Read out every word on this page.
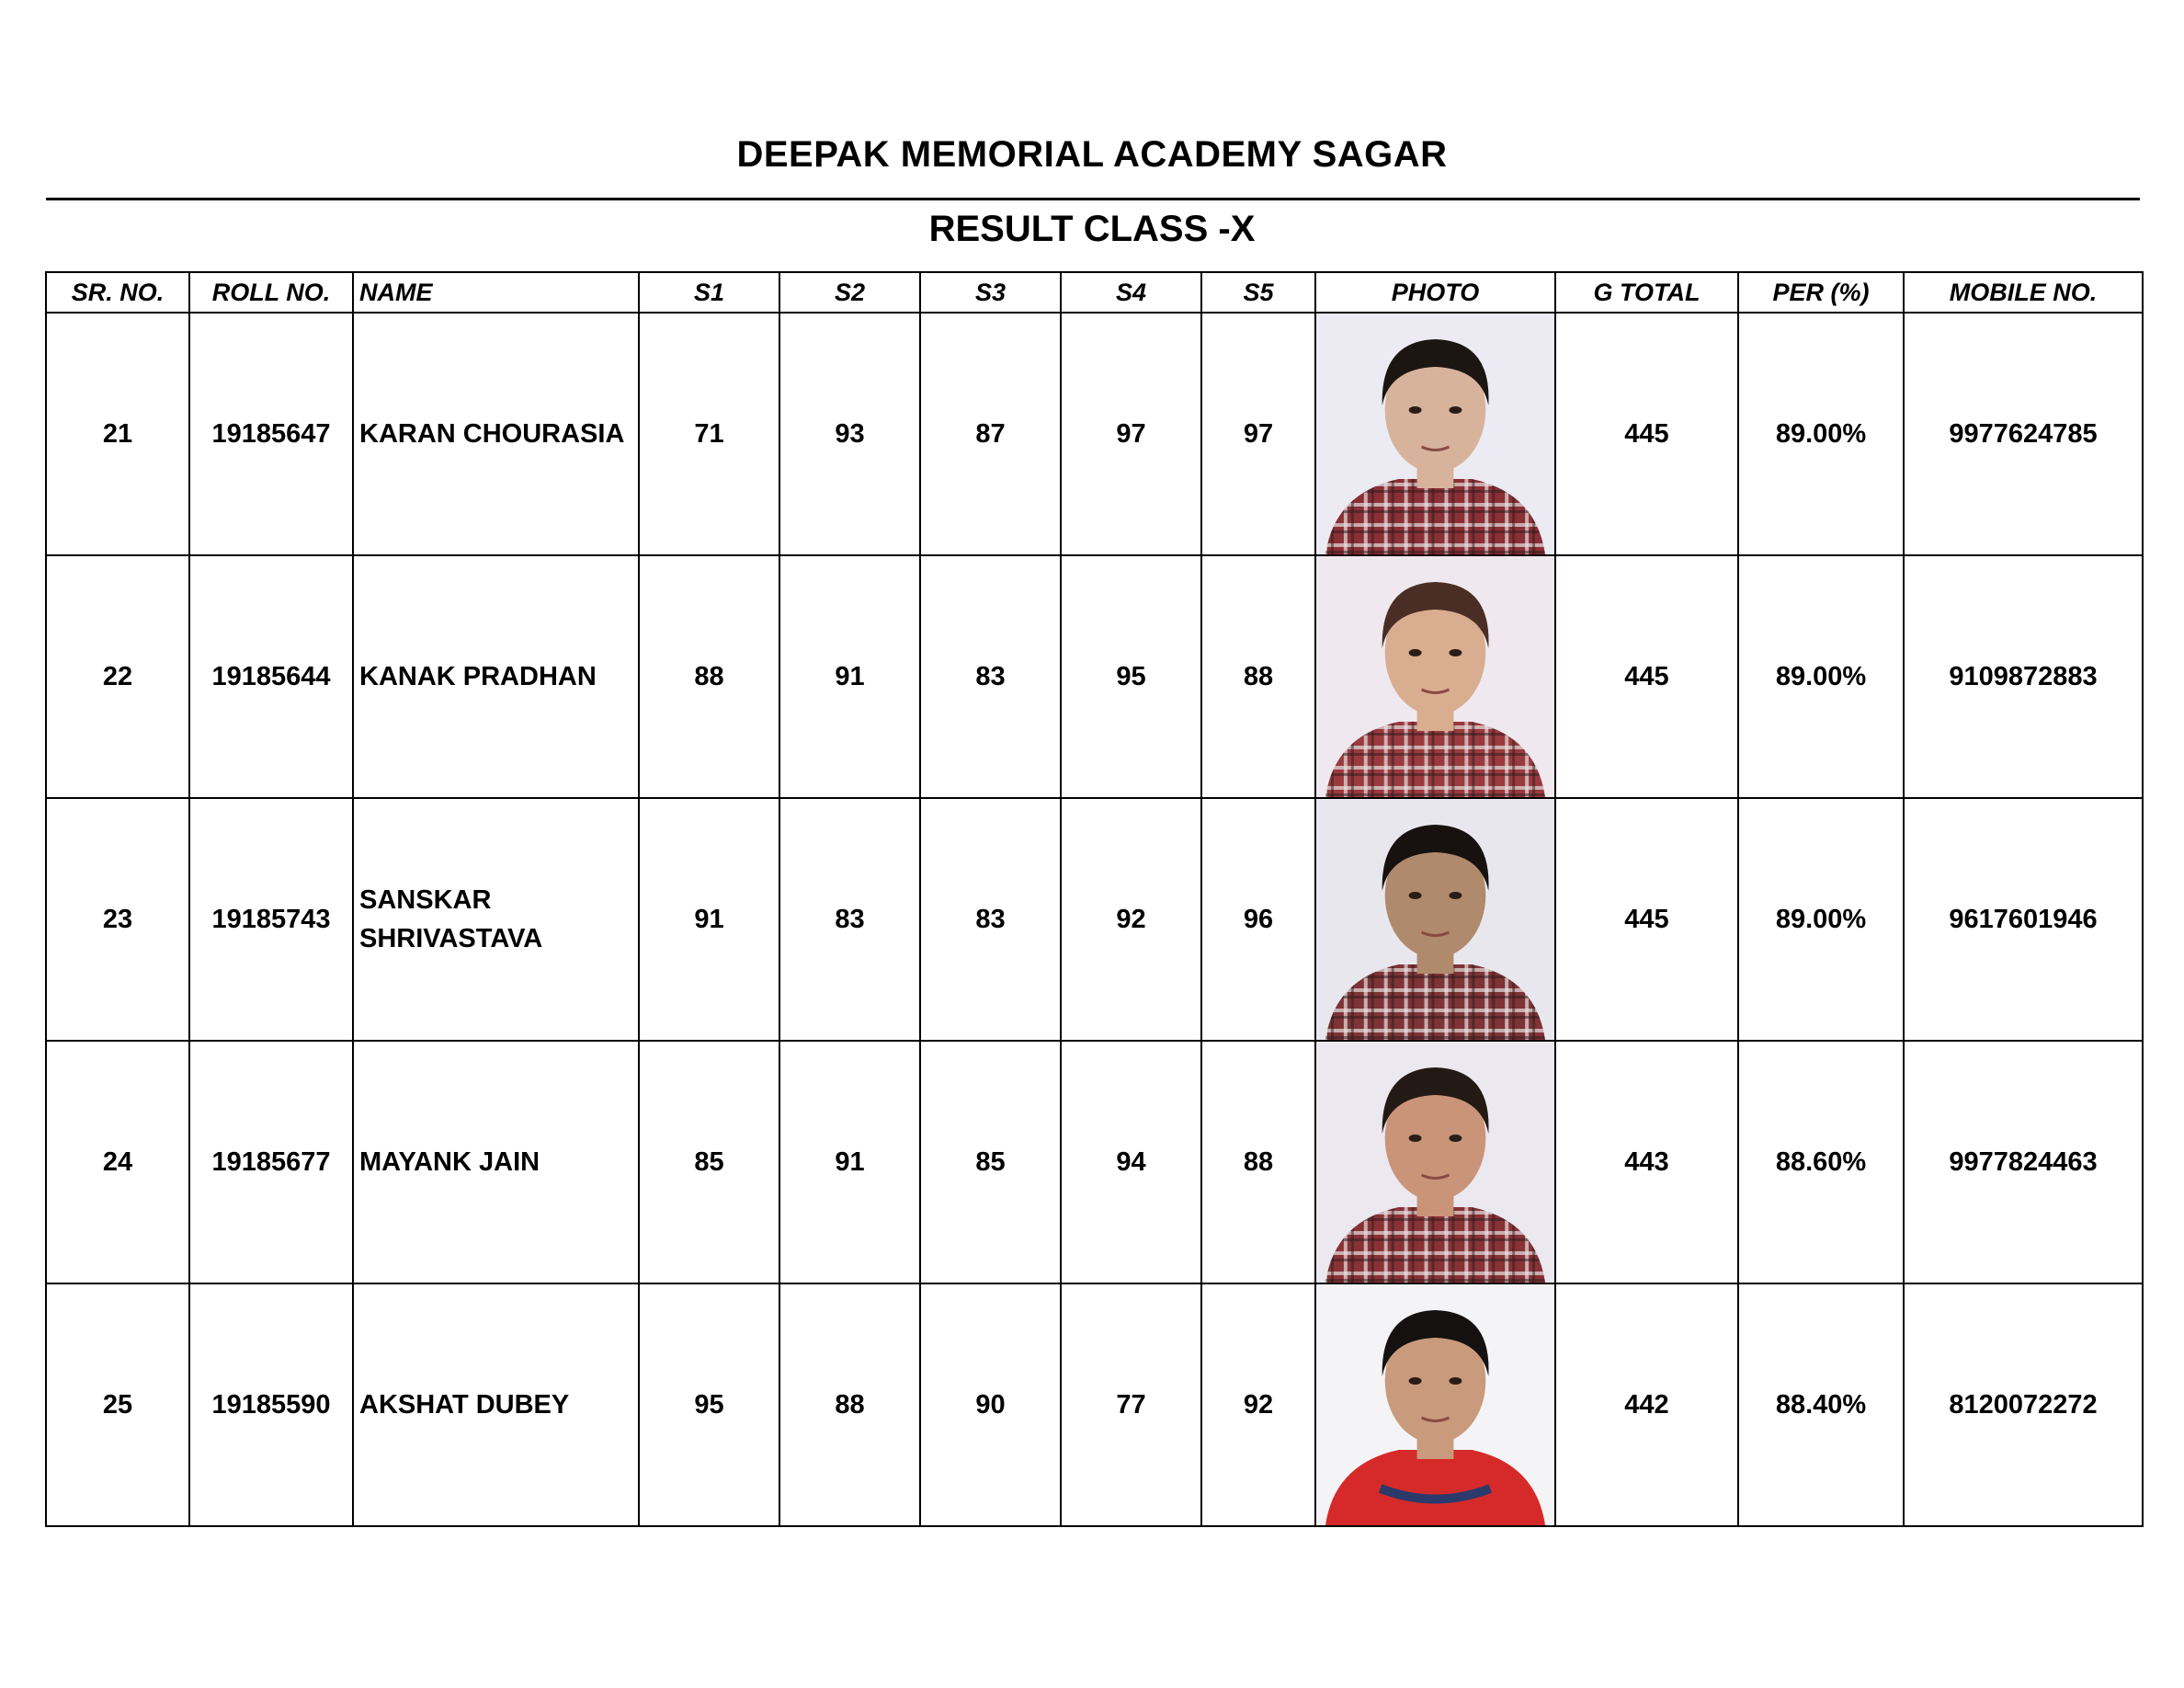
DEEPAK MEMORIAL ACADEMY SAGAR
RESULT CLASS -X
SR. NO.	ROLL NO.	NAME	S1	S2	S3	S4	S5	PHOTO	G TOTAL	PER (%)	MOBILE NO.
21	19185647	KARAN CHOURASIA	71	93	87	97	97		445	89.00%	9977624785
22	19185644	KANAK PRADHAN	88	91	83	95	88		445	89.00%	9109872883
23	19185743	SANSKAR SHRIVASTAVA	91	83	83	92	96		445	89.00%	9617601946
24	19185677	MAYANK JAIN	85	91	85	94	88		443	88.60%	9977824463
25	19185590	AKSHAT DUBEY	95	88	90	77	92		442	88.40%	8120072272
